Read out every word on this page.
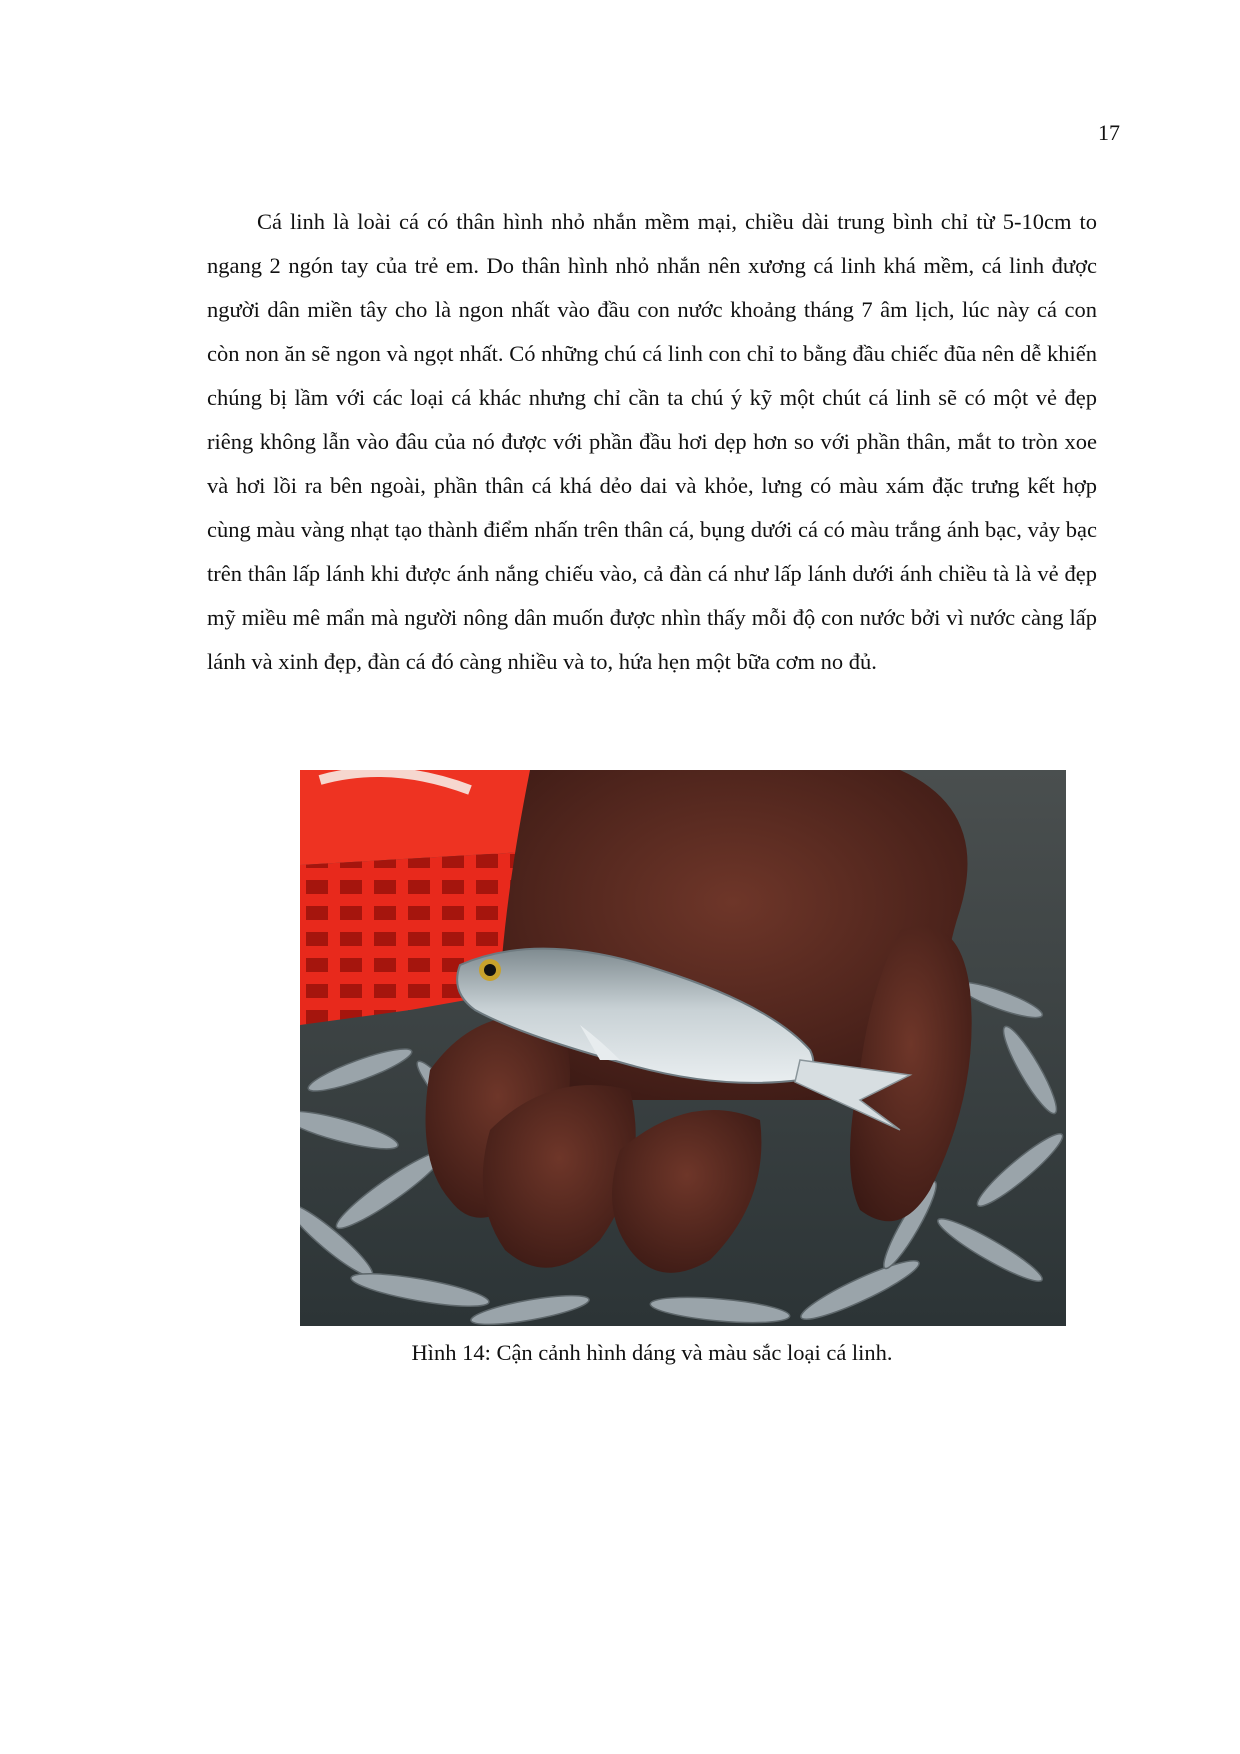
17

Cá linh là loài cá có thân hình nhỏ nhắn mềm mại, chiều dài trung bình chỉ từ 5-10cm to ngang 2 ngón tay của trẻ em. Do thân hình nhỏ nhắn nên xương cá linh khá mềm, cá linh được người dân miền tây cho là ngon nhất vào đầu con nước khoảng tháng 7 âm lịch, lúc này cá con còn non ăn sẽ ngon và ngọt nhất. Có những chú cá linh con chỉ to bằng đầu chiếc đũa nên dễ khiến chúng bị lầm với các loại cá khác nhưng chỉ cần ta chú ý kỹ một chút cá linh sẽ có một vẻ đẹp riêng không lẫn vào đâu của nó được với phần đầu hơi dẹp hơn so với phần thân, mắt to tròn xoe và hơi lồi ra bên ngoài, phần thân cá khá dẻo dai và khỏe, lưng có màu xám đặc trưng kết hợp cùng màu vàng nhạt tạo thành điểm nhấn trên thân cá, bụng dưới cá có màu trắng ánh bạc, vảy bạc trên thân lấp lánh khi được ánh nắng chiếu vào, cả đàn cá như lấp lánh dưới ánh chiều tà là vẻ đẹp mỹ miều mê mẩn mà người nông dân muốn được nhìn thấy mỗi độ con nước bởi vì nước càng lấp lánh và xinh đẹp, đàn cá đó càng nhiều và to, hứa hẹn một bữa cơm no đủ.

Hình 14: Cận cảnh hình dáng và màu sắc loại cá linh.
